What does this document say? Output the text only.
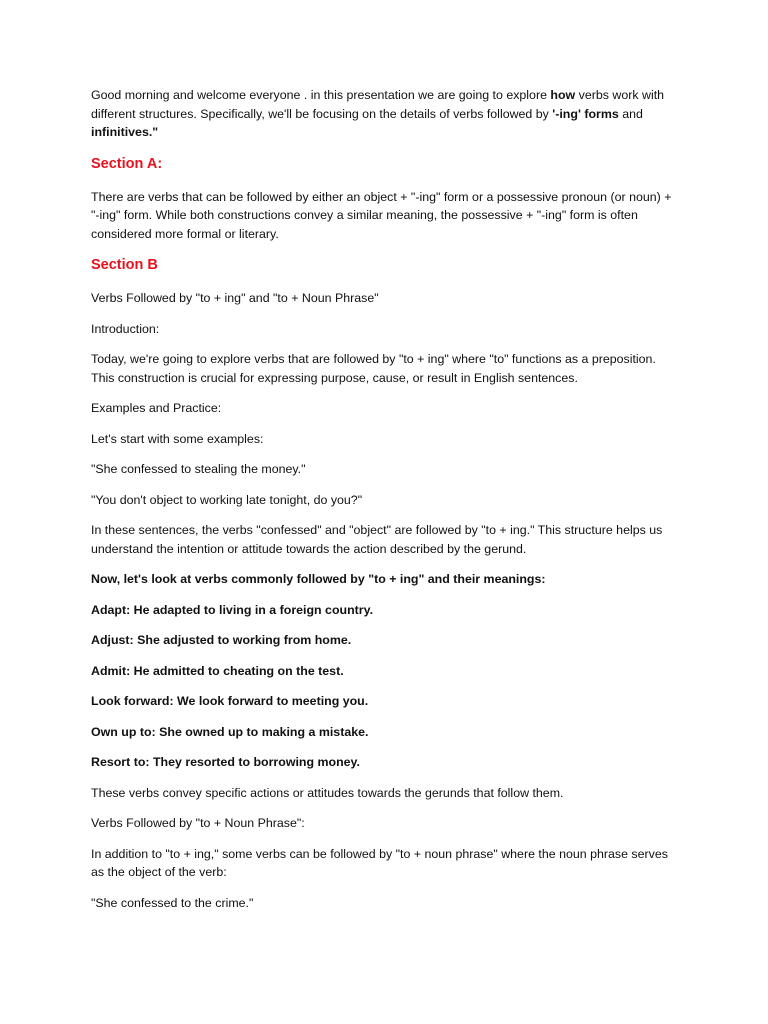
Good morning and welcome everyone . in this presentation we are going to explore how verbs work with different structures. Specifically, we'll be focusing on the details of verbs followed by '-ing' forms and infinitives."

Section A:

There are verbs that can be followed by either an object + "-ing" form or a possessive pronoun (or noun) + "-ing" form. While both constructions convey a similar meaning, the possessive + "-ing" form is often considered more formal or literary.

Section B

Verbs Followed by "to + ing" and "to + Noun Phrase"

Introduction:

Today, we're going to explore verbs that are followed by "to + ing" where "to" functions as a preposition. This construction is crucial for expressing purpose, cause, or result in English sentences.

Examples and Practice:

Let's start with some examples:

"She confessed to stealing the money."

"You don't object to working late tonight, do you?"

In these sentences, the verbs "confessed" and "object" are followed by "to + ing." This structure helps us understand the intention or attitude towards the action described by the gerund.

Now, let's look at verbs commonly followed by "to + ing" and their meanings:

Adapt: He adapted to living in a foreign country.

Adjust: She adjusted to working from home.

Admit: He admitted to cheating on the test.

Look forward: We look forward to meeting you.

Own up to: She owned up to making a mistake.

Resort to: They resorted to borrowing money.

These verbs convey specific actions or attitudes towards the gerunds that follow them.

Verbs Followed by "to + Noun Phrase":

In addition to "to + ing," some verbs can be followed by "to + noun phrase" where the noun phrase serves as the object of the verb:

"She confessed to the crime."
